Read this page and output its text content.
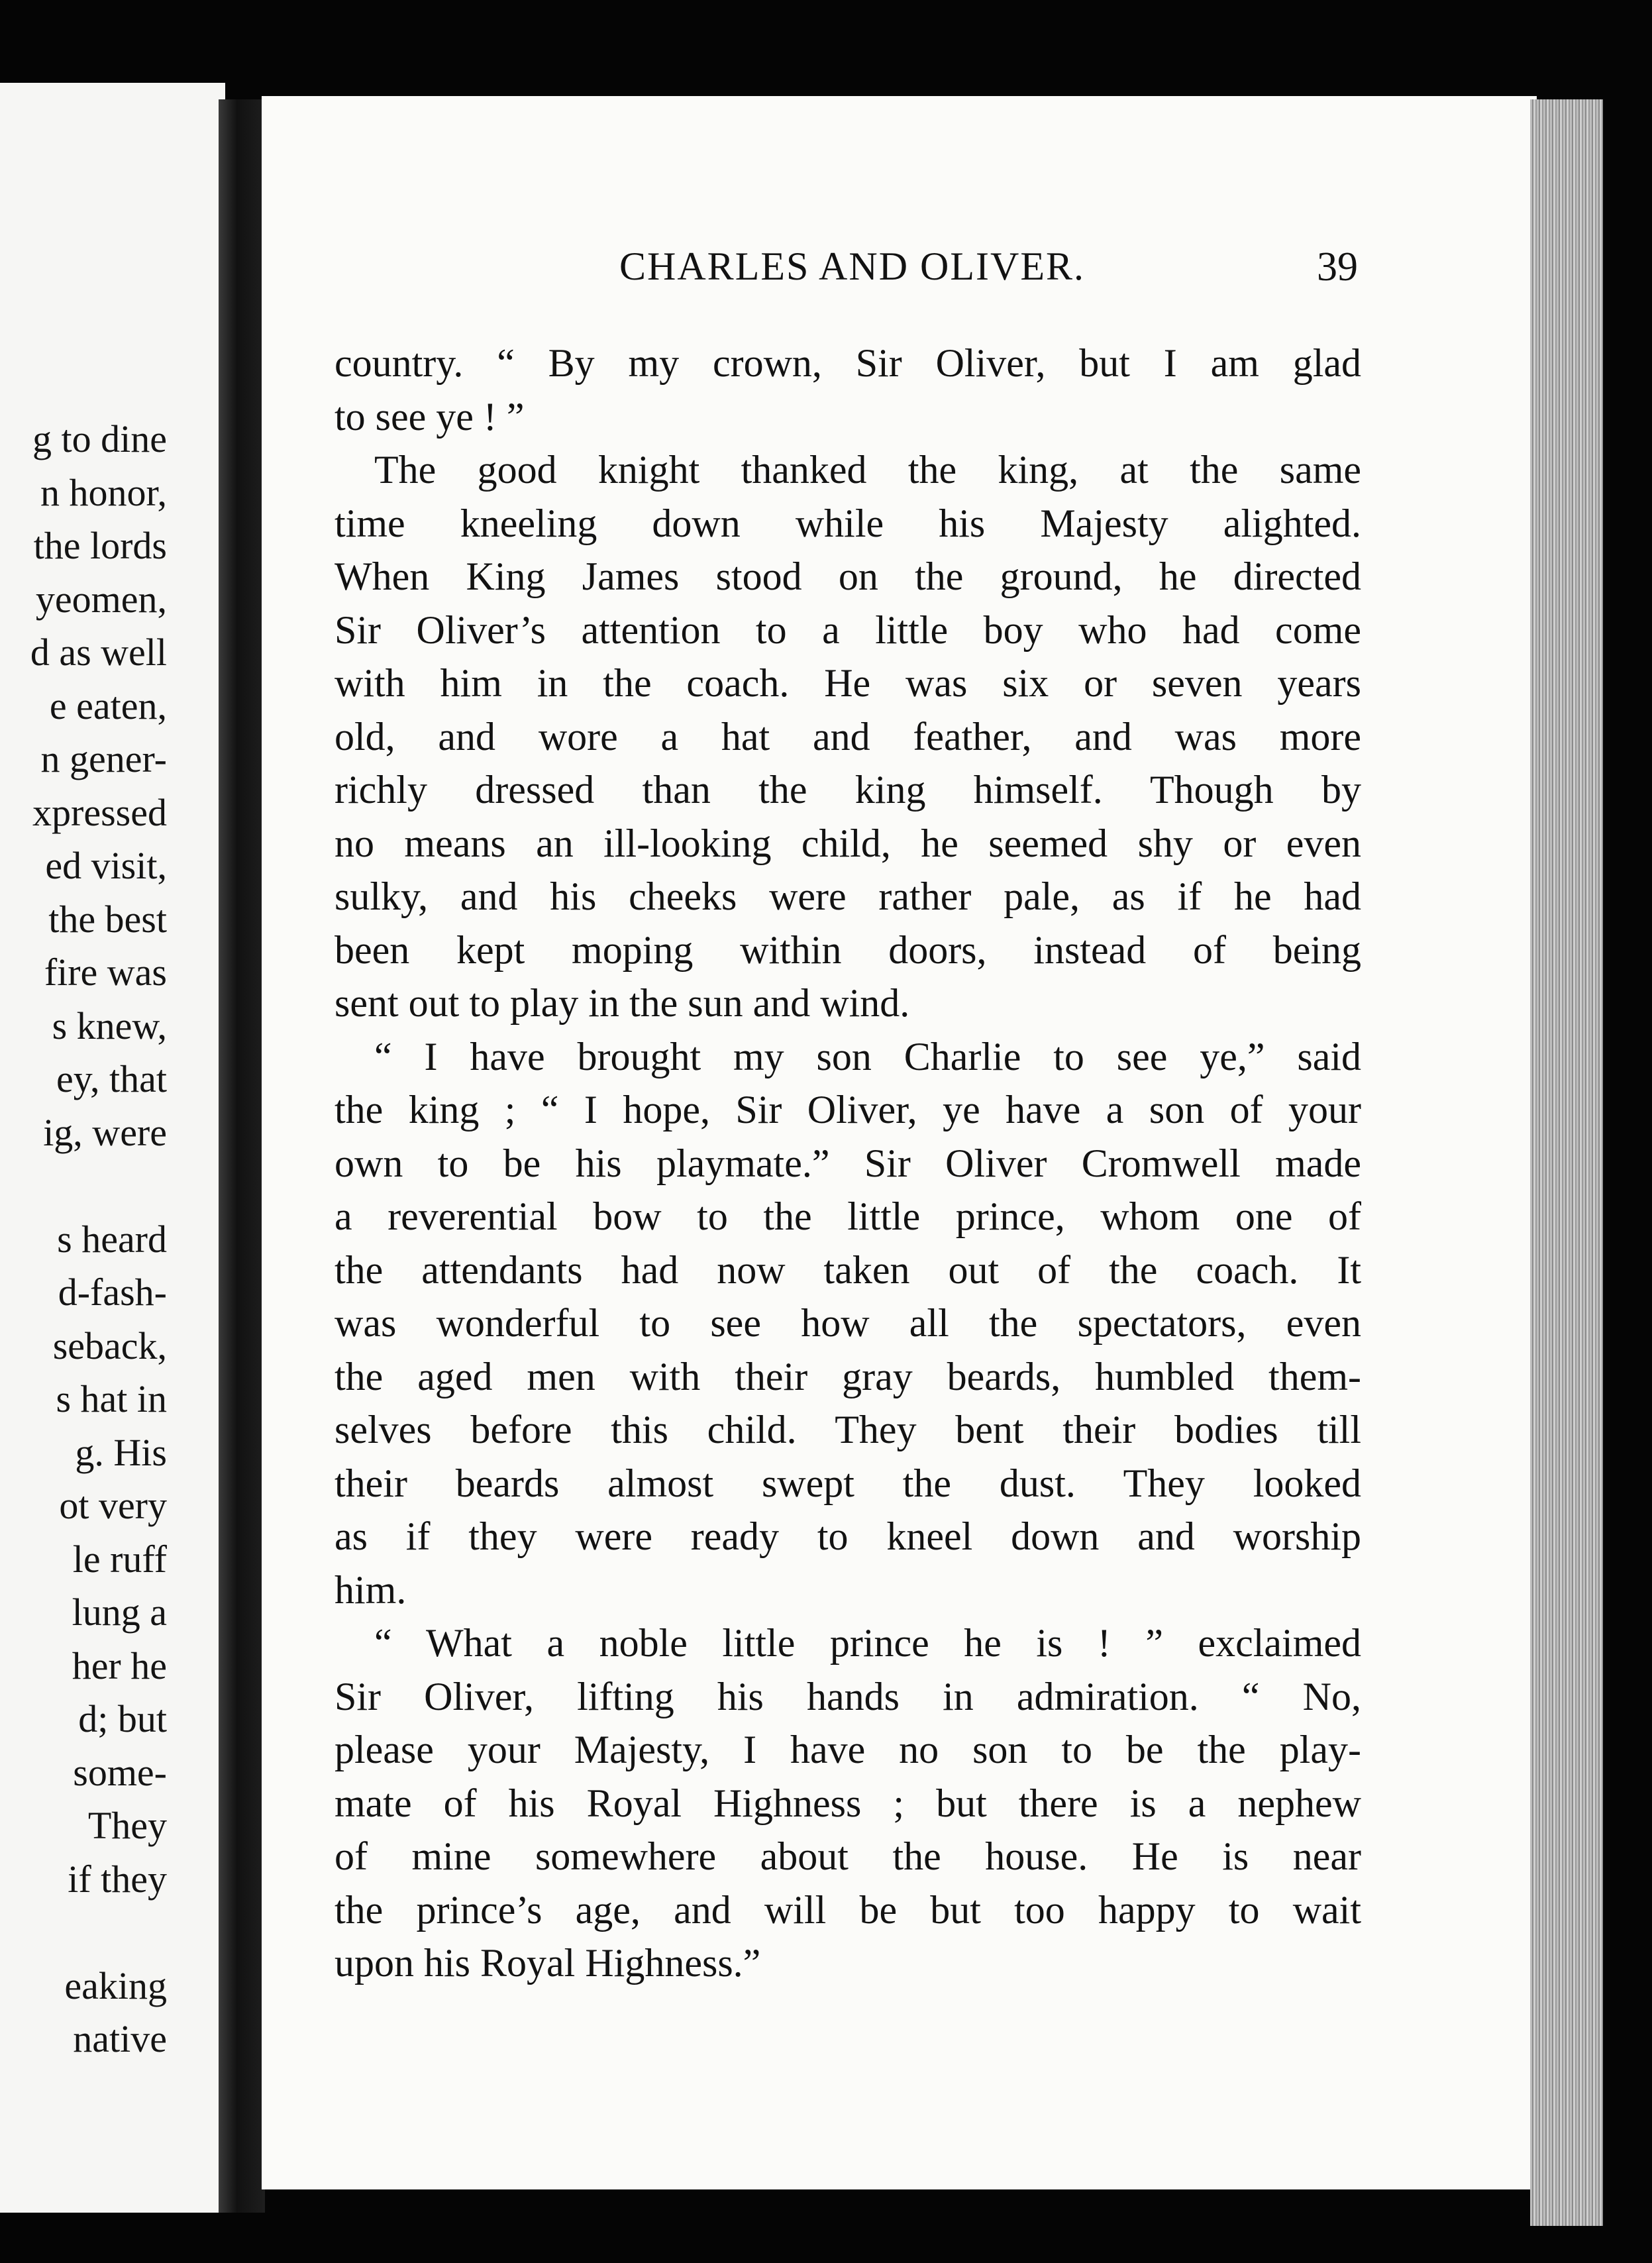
g to dine
n honor,
the lords
yeomen,
d as well
e eaten,
n gener-
xpressed
ed visit,
the best
fire was
s knew,
ey, that
ig, were
s heard
d-fash-
seback,
s hat in
g. His
ot very
le ruff
lung a
her he
d; but
some-
They
if they
eaking
native
CHARLES AND OLIVER.	39
country. “ By my crown, Sir Oliver, but I am glad
to see ye ! ”
The good knight thanked the king, at the same
time kneeling down while his Majesty alighted.
When King James stood on the ground, he directed
Sir Oliver’s attention to a little boy who had come
with him in the coach. He was six or seven years
old, and wore a hat and feather, and was more
richly dressed than the king himself. Though by
no means an ill-looking child, he seemed shy or even
sulky, and his cheeks were rather pale, as if he had
been kept moping within doors, instead of being
sent out to play in the sun and wind.
“ I have brought my son Charlie to see ye,” said
the king ; “ I hope, Sir Oliver, ye have a son of your
own to be his playmate.” Sir Oliver Cromwell made
a reverential bow to the little prince, whom one of
the attendants had now taken out of the coach. It
was wonderful to see how all the spectators, even
the aged men with their gray beards, humbled them-
selves before this child. They bent their bodies till
their beards almost swept the dust. They looked
as if they were ready to kneel down and worship
him.
“ What a noble little prince he is ! ” exclaimed
Sir Oliver, lifting his hands in admiration. “ No,
please your Majesty, I have no son to be the play-
mate of his Royal Highness ; but there is a nephew
of mine somewhere about the house. He is near
the prince’s age, and will be but too happy to wait
upon his Royal Highness.”
